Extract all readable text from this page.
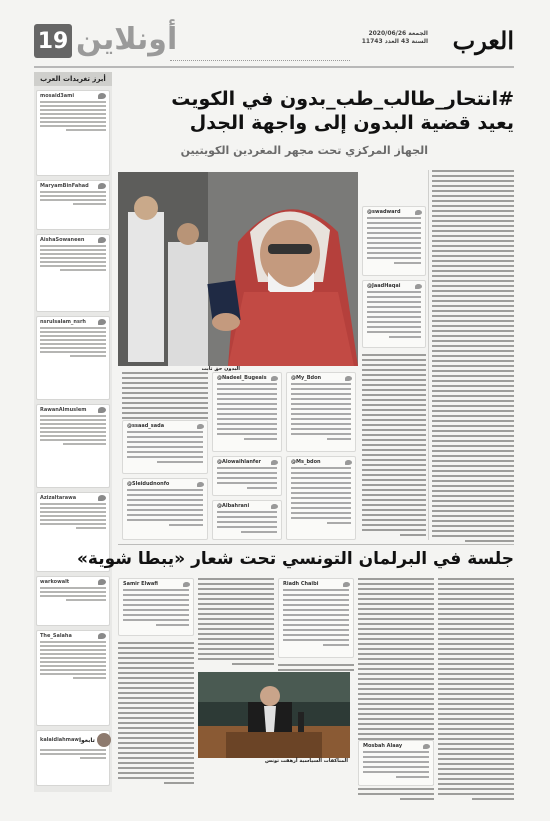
19 أونلاين	الجمعة 2020/06/26
السنة 43 العدد 11743 العرب
أبرز تغريدات العرب
mosaid3ami
MaryamBinFahad
AishaSowaneen
nsrulsalam_nsrh
RawanAlmuslem
Azizaltarawa
warkowalt
The_Salaha
kalaidiahmaw تابعوا
#انتحار_طالب_طب_بدون في الكويت
يعيد قضية البدون إلى واجهة الجدل
الجهاز المركزي تحت مجهر المغردين الكويتيين
البدون حق ثابت
@swadward
@JaadHaqai
@My_Bdon
@Nadeel_Bugeais
@ssaad_sada
@Ms_bdon
@Alowaihlanfer
@Sleidudnonfo
@Albahrani
جلسة في البرلمان التونسي تحت شعار «يبطا شوية»
Riadh Chaibi
Mosbah Alaay
Samir Elwafi
المناكفات السياسية أرهقت تونس
